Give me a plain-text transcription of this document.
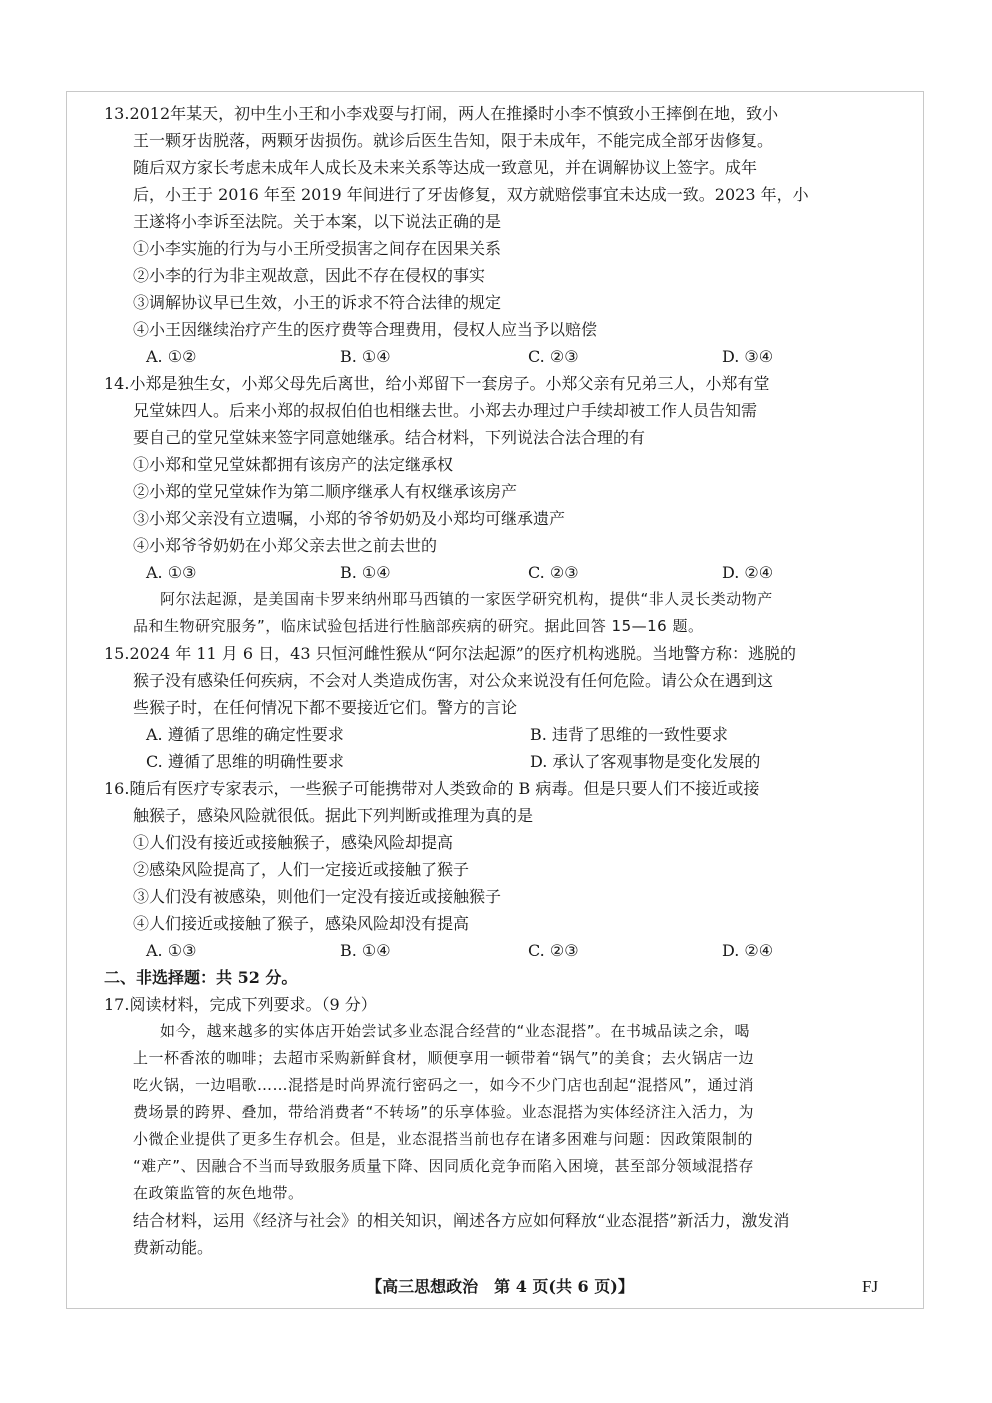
13.2012年某天，初中生小王和小李戏耍与打闹，两人在推搡时小李不慎致小王摔倒在地，致小
王一颗牙齿脱落，两颗牙齿损伤。就诊后医生告知，限于未成年，不能完成全部牙齿修复。
随后双方家长考虑未成年人成长及未来关系等达成一致意见，并在调解协议上签字。成年
后，小王于 2016 年至 2019 年间进行了牙齿修复，双方就赔偿事宜未达成一致。2023 年，小
王遂将小李诉至法院。关于本案，以下说法正确的是
①小李实施的行为与小王所受损害之间存在因果关系
②小李的行为非主观故意，因此不存在侵权的事实
③调解协议早已生效，小王的诉求不符合法律的规定
④小王因继续治疗产生的医疗费等合理费用，侵权人应当予以赔偿
A. ①②	B. ①④	C. ②③	D. ③④
14.小郑是独生女，小郑父母先后离世，给小郑留下一套房子。小郑父亲有兄弟三人，小郑有堂
兄堂妹四人。后来小郑的叔叔伯伯也相继去世。小郑去办理过户手续却被工作人员告知需
要自己的堂兄堂妹来签字同意她继承。结合材料，下列说法合法合理的有
①小郑和堂兄堂妹都拥有该房产的法定继承权
②小郑的堂兄堂妹作为第二顺序继承人有权继承该房产
③小郑父亲没有立遗嘱，小郑的爷爷奶奶及小郑均可继承遗产
④小郑爷爷奶奶在小郑父亲去世之前去世的
A. ①③	B. ①④	C. ②③	D. ②④
阿尔法起源，是美国南卡罗来纳州耶马西镇的一家医学研究机构，提供“非人灵长类动物产
品和生物研究服务”，临床试验包括进行性脑部疾病的研究。据此回答 15—16 题。
15.2024 年 11 月 6 日，43 只恒河雌性猴从“阿尔法起源”的医疗机构逃脱。当地警方称：逃脱的
猴子没有感染任何疾病，不会对人类造成伤害，对公众来说没有任何危险。请公众在遇到这
些猴子时，在任何情况下都不要接近它们。警方的言论
A. 遵循了思维的确定性要求	B. 违背了思维的一致性要求
C. 遵循了思维的明确性要求	D. 承认了客观事物是变化发展的
16.随后有医疗专家表示，一些猴子可能携带对人类致命的 B 病毒。但是只要人们不接近或接
触猴子，感染风险就很低。据此下列判断或推理为真的是
①人们没有接近或接触猴子，感染风险却提高
②感染风险提高了，人们一定接近或接触了猴子
③人们没有被感染，则他们一定没有接近或接触猴子
④人们接近或接触了猴子，感染风险却没有提高
A. ①③	B. ①④	C. ②③	D. ②④
二、非选择题：共 52 分。
17.阅读材料，完成下列要求。（9 分）
如今，越来越多的实体店开始尝试多业态混合经营的“业态混搭”。在书城品读之余，喝
上一杯香浓的咖啡；去超市采购新鲜食材，顺便享用一顿带着“锅气”的美食；去火锅店一边
吃火锅，一边唱歌……混搭是时尚界流行密码之一，如今不少门店也刮起“混搭风”，通过消
费场景的跨界、叠加，带给消费者“不转场”的乐享体验。业态混搭为实体经济注入活力，为
小微企业提供了更多生存机会。但是，业态混搭当前也存在诸多困难与问题：因政策限制的
“难产”、因融合不当而导致服务质量下降、因同质化竞争而陷入困境，甚至部分领域混搭存
在政策监管的灰色地带。
结合材料，运用《经济与社会》的相关知识，阐述各方应如何释放“业态混搭”新活力，激发消
费新动能。
【高三思想政治　第 4 页(共 6 页)】	FJ
